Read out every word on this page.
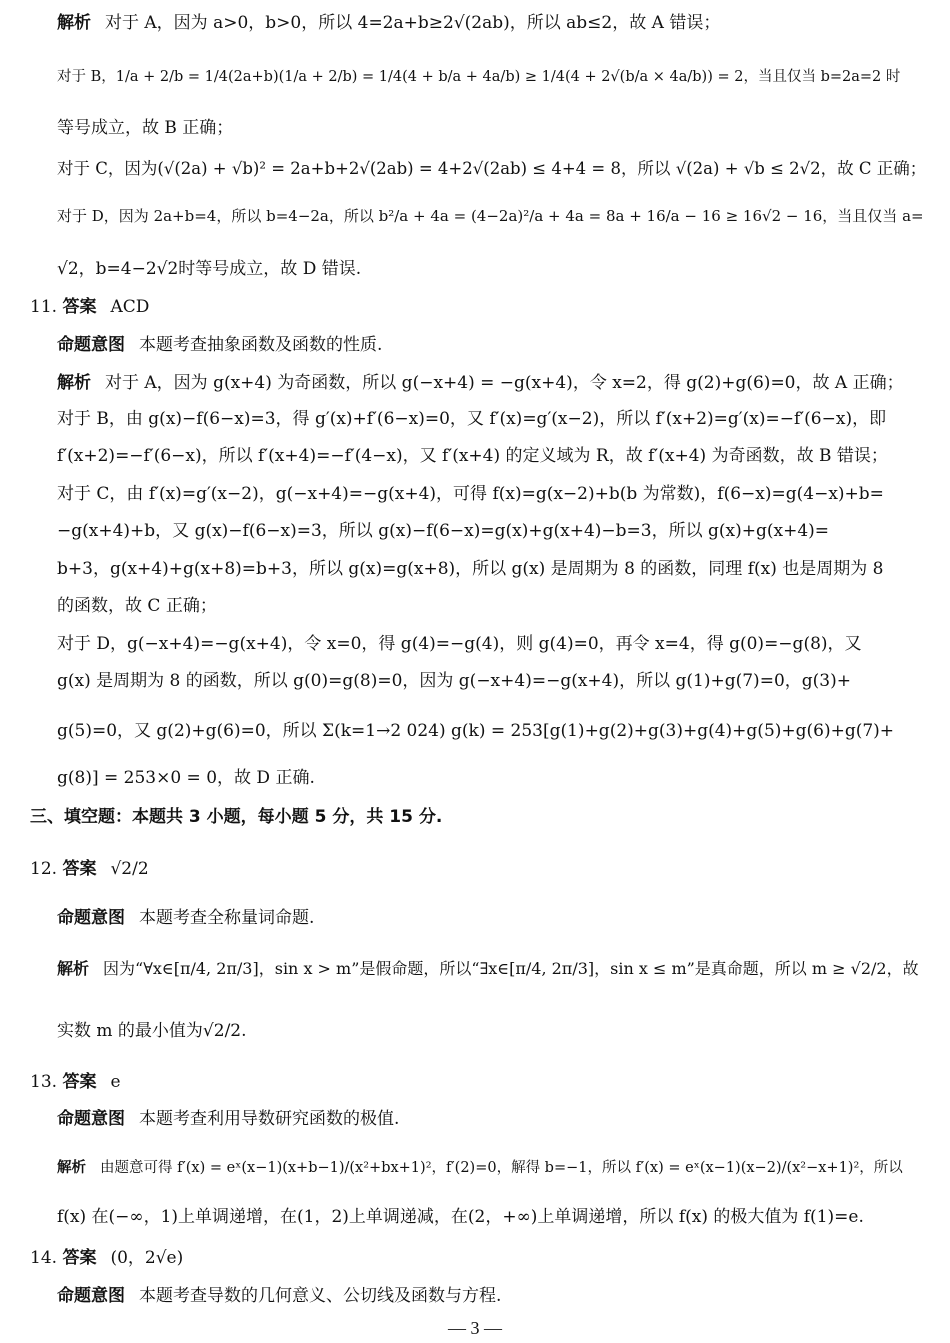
解析 对于 A，因为 a>0，b>0，所以 4=2a+b≥2√(2ab)，所以 ab≤2，故 A 错误；
对于 B，1/a + 2/b = 1/4(2a+b)(1/a + 2/b) = 1/4(4 + b/a + 4a/b) ≥ 1/4(4 + 2√(b/a × 4a/b)) = 2，当且仅当 b=2a=2 时
等号成立，故 B 正确；
对于 C，因为(√(2a) + √b)² = 2a+b+2√(2ab) = 4+2√(2ab) ≤ 4+4 = 8，所以 √(2a) + √b ≤ 2√2，故 C 正确；
对于 D，因为 2a+b=4，所以 b=4−2a，所以 b²/a + 4a = (4−2a)²/a + 4a = 8a + 16/a − 16 ≥ 16√2 − 16，当且仅当 a=
√2，b=4−2√2时等号成立，故 D 错误.
11. 答案 ACD
命题意图 本题考查抽象函数及函数的性质.
解析 对于 A，因为 g(x+4) 为奇函数，所以 g(−x+4) = −g(x+4)，令 x=2，得 g(2)+g(6)=0，故 A 正确；
对于 B，由 g(x)−f(6−x)=3，得 g′(x)+f′(6−x)=0，又 f′(x)=g′(x−2)，所以 f′(x+2)=g′(x)=−f′(6−x)，即
f′(x+2)=−f′(6−x)，所以 f′(x+4)=−f′(4−x)，又 f′(x+4) 的定义域为 R，故 f′(x+4) 为奇函数，故 B 错误；
对于 C，由 f′(x)=g′(x−2)，g(−x+4)=−g(x+4)，可得 f(x)=g(x−2)+b(b 为常数)，f(6−x)=g(4−x)+b=
−g(x+4)+b，又 g(x)−f(6−x)=3，所以 g(x)−f(6−x)=g(x)+g(x+4)−b=3，所以 g(x)+g(x+4)=
b+3，g(x+4)+g(x+8)=b+3，所以 g(x)=g(x+8)，所以 g(x) 是周期为 8 的函数，同理 f(x) 也是周期为 8
的函数，故 C 正确；
对于 D，g(−x+4)=−g(x+4)，令 x=0，得 g(4)=−g(4)，则 g(4)=0，再令 x=4，得 g(0)=−g(8)，又
g(x) 是周期为 8 的函数，所以 g(0)=g(8)=0，因为 g(−x+4)=−g(x+4)，所以 g(1)+g(7)=0，g(3)+
g(5)=0，又 g(2)+g(6)=0，所以 Σ(k=1→2 024) g(k) = 253[g(1)+g(2)+g(3)+g(4)+g(5)+g(6)+g(7)+
g(8)] = 253×0 = 0，故 D 正确.
三、填空题：本题共 3 小题，每小题 5 分，共 15 分.
12. 答案 √2/2
命题意图 本题考查全称量词命题.
解析 因为“∀x∈[π/4, 2π/3]，sin x > m”是假命题，所以“∃x∈[π/4, 2π/3]，sin x ≤ m”是真命题，所以 m ≥ √2/2，故
实数 m 的最小值为√2/2.
13. 答案 e
命题意图 本题考查利用导数研究函数的极值.
解析 由题意可得 f′(x) = eˣ(x−1)(x+b−1)/(x²+bx+1)²，f′(2)=0，解得 b=−1，所以 f′(x) = eˣ(x−1)(x−2)/(x²−x+1)²，所以
f(x) 在(−∞，1)上单调递增，在(1，2)上单调递减，在(2，+∞)上单调递增，所以 f(x) 的极大值为 f(1)=e.
14. 答案 (0，2√e)
命题意图 本题考查导数的几何意义、公切线及函数与方程.
— 3 —
